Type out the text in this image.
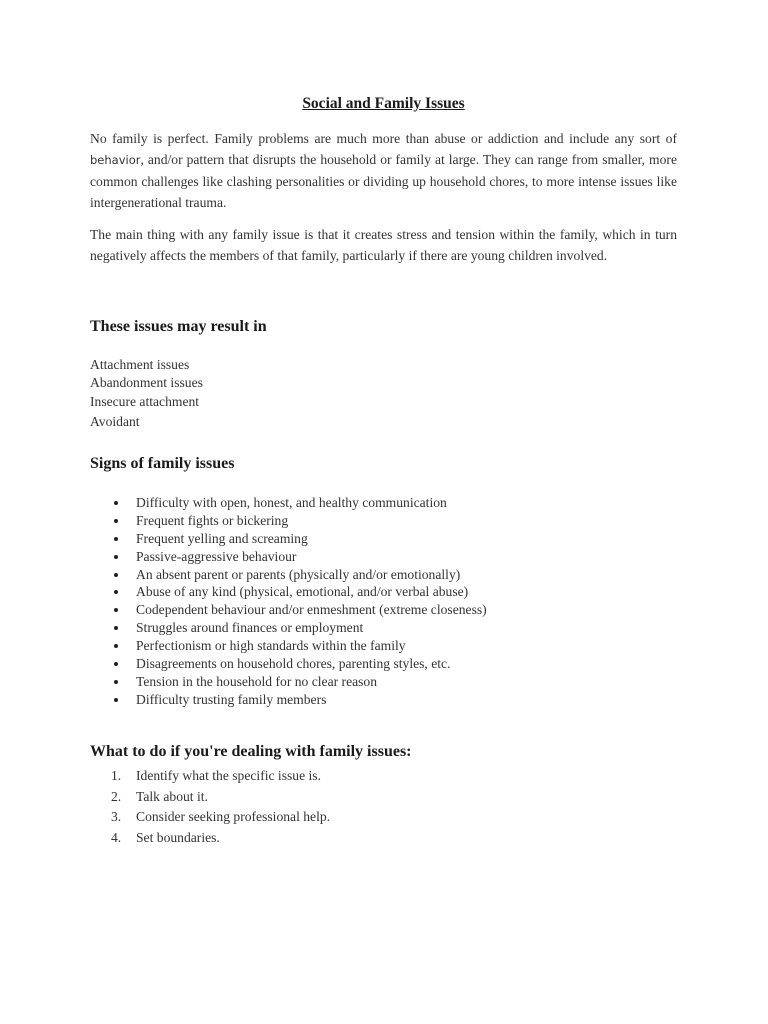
Social and Family Issues

No family is perfect. Family problems are much more than abuse or addiction and include any sort of behavior, and/or pattern that disrupts the household or family at large. They can range from smaller, more common challenges like clashing personalities or dividing up household chores, to more intense issues like intergenerational trauma.

The main thing with any family issue is that it creates stress and tension within the family, which in turn negatively affects the members of that family, particularly if there are young children involved.

These issues may result in
Attachment issues
Abandonment issues
Insecure attachment
Avoidant
Signs of family issues
Difficulty with open, honest, and healthy communication
Frequent fights or bickering
Frequent yelling and screaming
Passive-aggressive behaviour
An absent parent or parents (physically and/or emotionally)
Abuse of any kind (physical, emotional, and/or verbal abuse)
Codependent behaviour and/or enmeshment (extreme closeness)
Struggles around finances or employment
Perfectionism or high standards within the family
Disagreements on household chores, parenting styles, etc.
Tension in the household for no clear reason
Difficulty trusting family members
What to do if you're dealing with family issues:
1. Identify what the specific issue is.
2. Talk about it.
3. Consider seeking professional help.
4. Set boundaries.
